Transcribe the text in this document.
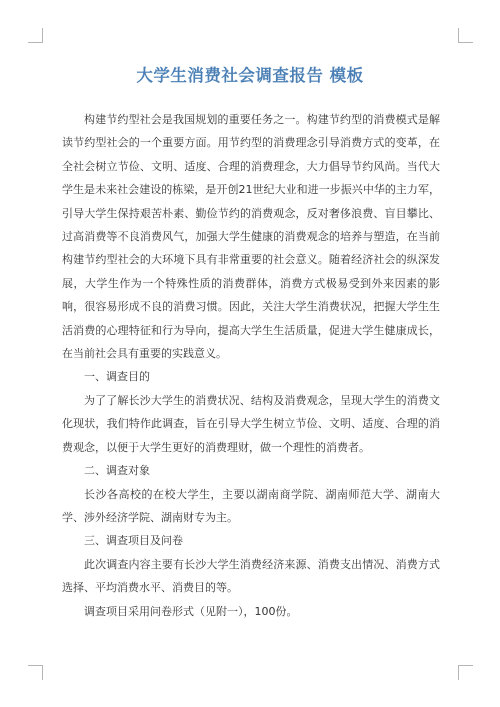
大学生消费社会调查报告 模板

构建节约型社会是我国规划的重要任务之一。构建节约型的消费模式是解读节约型社会的一个重要方面。用节约型的消费理念引导消费方式的变革，在全社会树立节俭、文明、适度、合理的消费理念，大力倡导节约风尚。当代大学生是未来社会建设的栋梁，是开创21世纪大业和进一步振兴中华的主力军，引导大学生保持艰苦朴素、勤俭节约的消费观念，反对奢侈浪费、盲目攀比、过高消费等不良消费风气，加强大学生健康的消费观念的培养与塑造，在当前构建节约型社会的大环境下具有非常重要的社会意义。随着经济社会的纵深发展，大学生作为一个特殊性质的消费群体，消费方式极易受到外来因素的影响，很容易形成不良的消费习惯。因此，关注大学生消费状况，把握大学生生活消费的心理特征和行为导向，提高大学生生活质量，促进大学生健康成长，在当前社会具有重要的实践意义。

一、调查目的

为了了解长沙大学生的消费状况、结构及消费观念，呈现大学生的消费文化现状，我们特作此调查，旨在引导大学生树立节俭、文明、适度、合理的消费观念，以便于大学生更好的消费理财，做一个理性的消费者。

二、调查对象

长沙各高校的在校大学生，主要以湖南商学院、湖南师范大学、湖南大学、涉外经济学院、湖南财专为主。

三、调查项目及问卷

此次调查内容主要有长沙大学生消费经济来源、消费支出情况、消费方式选择、平均消费水平、消费目的等。

调查项目采用问卷形式（见附一），100份。
